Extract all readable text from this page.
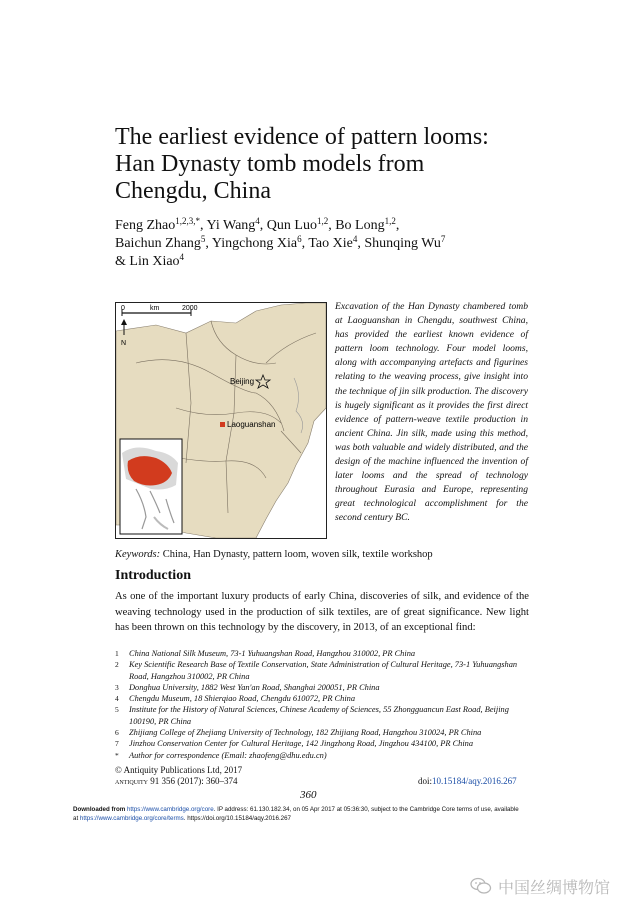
The earliest evidence of pattern looms:
Han Dynasty tomb models from
Chengdu, China

Feng Zhao$^{1,2,3,*}$, Yi Wang$^4$, Qun Luo$^{1,2}$, Bo Long$^{1,2}$,
Baichun Zhang$^5$, Yingchong Xia$^6$, Tao Xie$^4$, Shunqing Wu$^7$
& Lin Xiao$^4$

0	km	2000
N
Beijing
Laoguanshan

Excavation of the Han Dynasty chambered tomb at Laoguanshan in Chengdu, southwest China, has provided the earliest known evidence of pattern loom technology. Four model looms, along with accompanying artefacts and figurines relating to the weaving process, give insight into the technique of jin silk production. The discovery is hugely significant as it provides the first direct evidence of pattern-weave textile production in ancient China. Jin silk, made using this method, was both valuable and widely distributed, and the design of the machine influenced the invention of later looms and the spread of technology throughout Eurasia and Europe, representing great technological accomplishment for the second century BC.

Keywords: China, Han Dynasty, pattern loom, woven silk, textile workshop
Introduction

As one of the important luxury products of early China, discoveries of silk, and evidence of the weaving technology used in the production of silk textiles, are of great significance. New light has been thrown on this technology by the discovery, in 2013, of an exceptional find:

1	China National Silk Museum, 73-1 Yuhuangshan Road, Hangzhou 310002, PR China
2	Key Scientific Research Base of Textile Conservation, State Administration of Cultural Heritage, 73-1 Yuhuangshan Road, Hangzhou 310002, PR China
3	Donghua University, 1882 West Yan'an Road, Shanghai 200051, PR China
4	Chengdu Museum, 18 Shierqiao Road, Chengdu 610072, PR China
5	Institute for the History of Natural Sciences, Chinese Academy of Sciences, 55 Zhongguancun East Road, Beijing 100190, PR China
6	Zhijiang College of Zhejiang University of Technology, 182 Zhijiang Road, Hangzhou 310024, PR China
7	Jinzhou Conservation Center for Cultural Heritage, 142 Jingzhong Road, Jingzhou 434100, PR China
*	Author for correspondence (Email: zhaofeng@dhu.edu.cn)
© Antiquity Publications Ltd, 2017
antiquity 91 356 (2017): 360–374	doi:10.15184/aqy.2016.267
360
Downloaded from https://www.cambridge.org/core. IP address: 61.130.182.34, on 05 Apr 2017 at 05:36:30, subject to the Cambridge Core terms of use, available
at https://www.cambridge.org/core/terms. https://doi.org/10.15184/aqy.2016.267
中国丝绸博物馆
